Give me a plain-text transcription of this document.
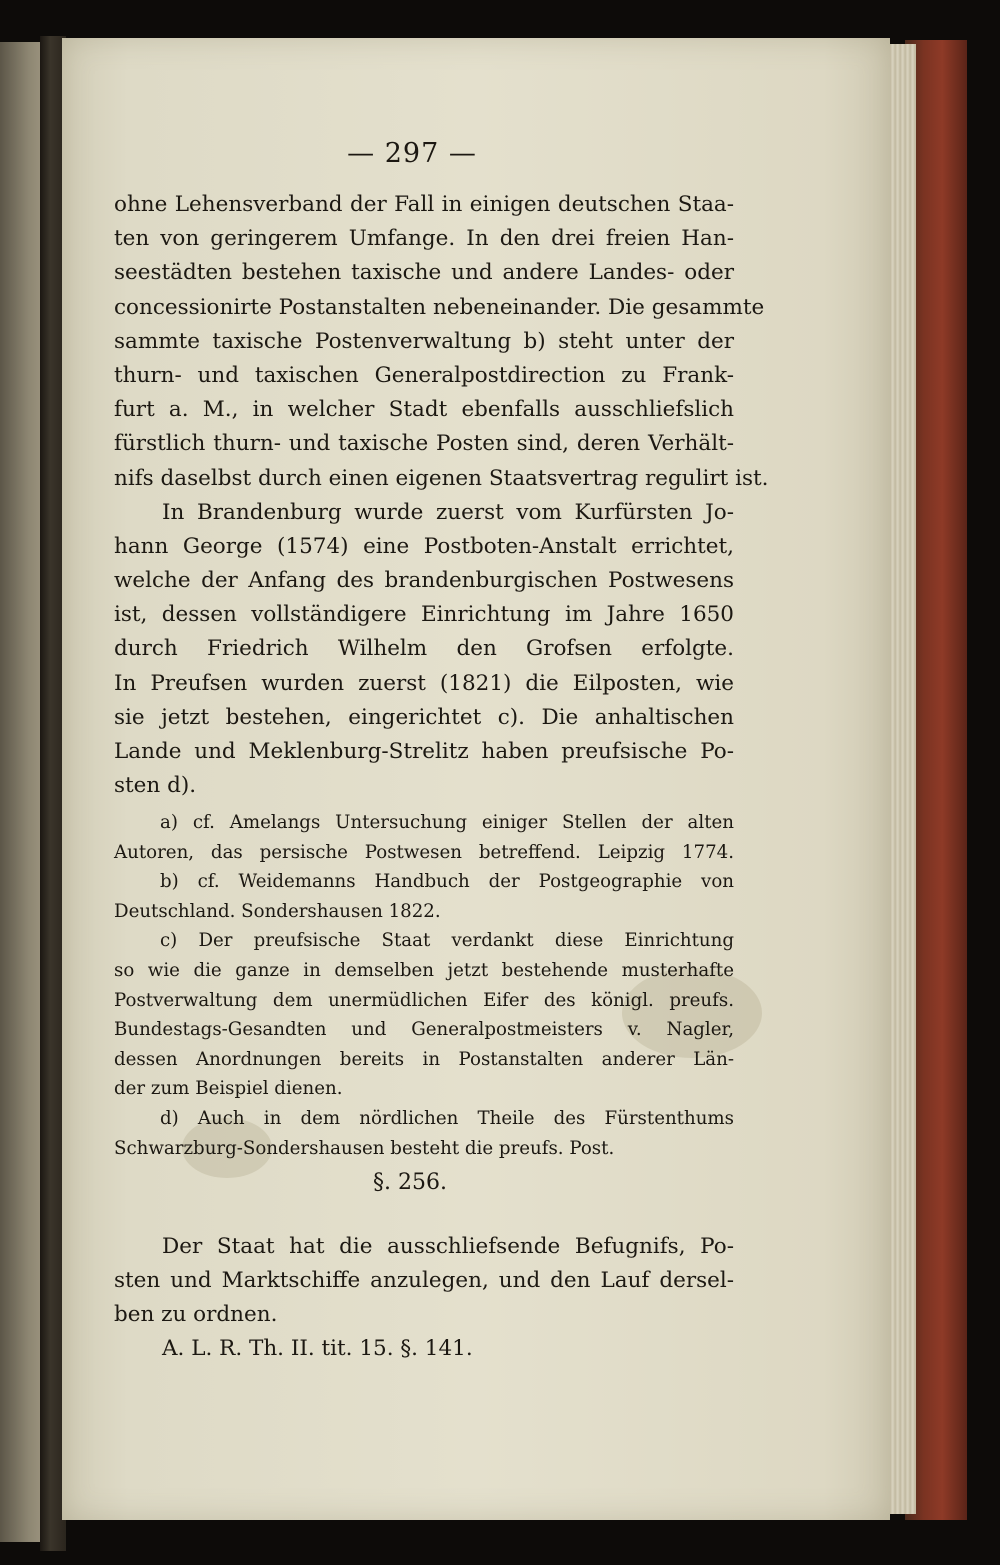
— 297 —
ohne Lehensverband der Fall in einigen deutschen Staa-
ten von geringerem Umfange. In den drei freien Han-
seestädten bestehen taxische und andere Landes- oder
concessionirte Postanstalten nebeneinander. Die gesammte
sammte taxische Postenverwaltung b) steht unter der
thurn- und taxischen Generalpostdirection zu Frank-
furt a. M., in welcher Stadt ebenfalls ausschliefslich
fürstlich thurn- und taxische Posten sind, deren Verhält-
nifs daselbst durch einen eigenen Staatsvertrag regulirt ist.
In Brandenburg wurde zuerst vom Kurfürsten Jo-
hann George (1574) eine Postboten-Anstalt errichtet,
welche der Anfang des brandenburgischen Postwesens
ist, dessen vollständigere Einrichtung im Jahre 1650
durch Friedrich Wilhelm den Grofsen erfolgte.
In Preufsen wurden zuerst (1821) die Eilposten, wie
sie jetzt bestehen, eingerichtet c). Die anhaltischen
Lande und Meklenburg-Strelitz haben preufsische Po-
sten d).
a) cf. Amelangs Untersuchung einiger Stellen der alten
Autoren, das persische Postwesen betreffend. Leipzig 1774.
b) cf. Weidemanns Handbuch der Postgeographie von
Deutschland. Sondershausen 1822.
c) Der preufsische Staat verdankt diese Einrichtung
so wie die ganze in demselben jetzt bestehende musterhafte
Postverwaltung dem unermüdlichen Eifer des königl. preufs.
Bundestags-Gesandten und Generalpostmeisters v. Nagler,
dessen Anordnungen bereits in Postanstalten anderer Län-
der zum Beispiel dienen.
d) Auch in dem nördlichen Theile des Fürstenthums
Schwarzburg-Sondershausen besteht die preufs. Post.
§. 256.
Der Staat hat die ausschliefsende Befugnifs, Po-
sten und Marktschiffe anzulegen, und den Lauf dersel-
ben zu ordnen.
A. L. R. Th. II. tit. 15. §. 141.
